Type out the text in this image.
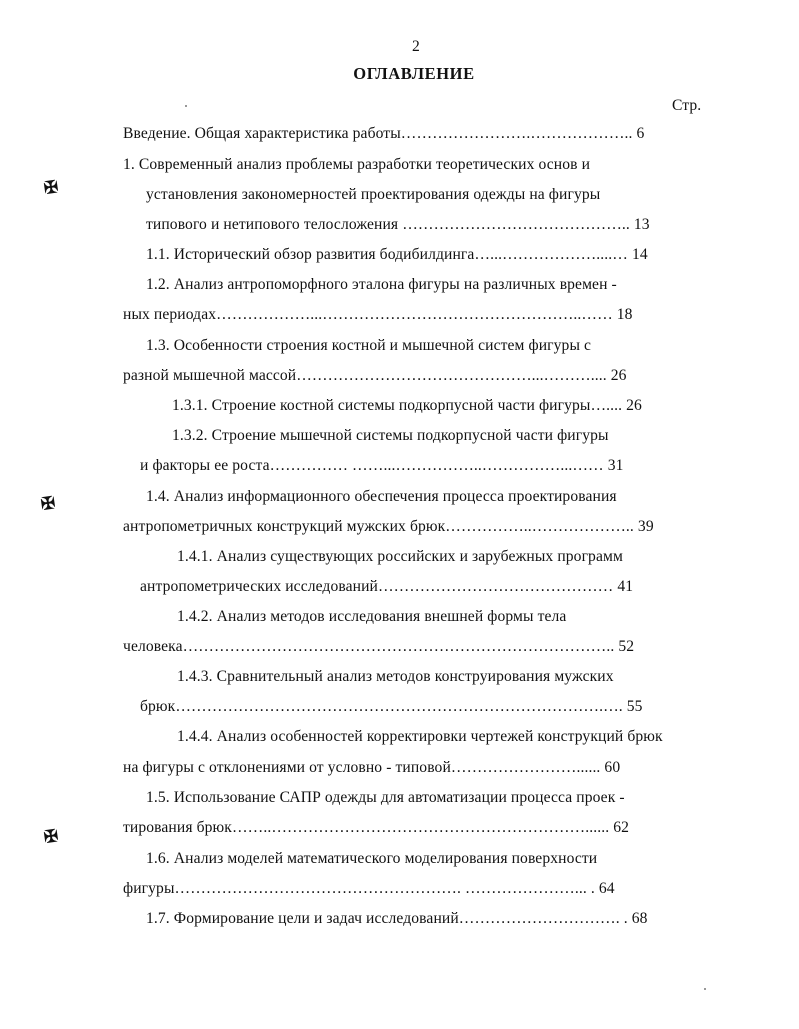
2
ОГЛАВЛЕНИЕ
Стр.
Введение. Общая характеристика работы…………………….……………….. 6
1. Современный анализ проблемы разработки теоретических основ и
установления закономерностей проектирования одежды на фигуры
типового и нетипового телосложения …………………………………….. 13
1.1. Исторический обзор развития бодибилдинга…...………………....… 14
1.2. Анализ антропоморфного эталона фигуры на различных времен -
ных периодах………………...…………………………………………..…… 18
1.3. Особенности строения костной и мышечной систем фигуры с
разной мышечной массой………………………………………...……….... 26
1.3.1. Строение костной системы подкорпусной части фигуры….... 26
1.3.2. Строение мышечной системы подкорпусной части фигуры
и факторы ее роста…………… ……...……………..……………...…… 31
1.4. Анализ информационного обеспечения процесса проектирования
антропометричных конструкций мужских брюк……………..……………….. 39
1.4.1. Анализ существующих российских и зарубежных программ
антропометрических исследований……………………………………… 41
1.4.2. Анализ методов исследования внешней формы тела
человека……………………………………………………………………….. 52
1.4.3. Сравнительный анализ методов конструирования мужских
брюк……………………………………………………………………….…. 55
1.4.4. Анализ особенностей корректировки чертежей конструкций брюк
на фигуры с отклонениями от условно - типовой……………………...... 60
1.5. Использование САПР одежды для автоматизации процесса проек -
тирования брюк……..……………………………………………………...... 62
1.6. Анализ моделей математического моделирования поверхности
фигуры………………………………………………. …………………... . 64
1.7. Формирование цели и задач исследований…………………………. . 68
✠
✠
✠
